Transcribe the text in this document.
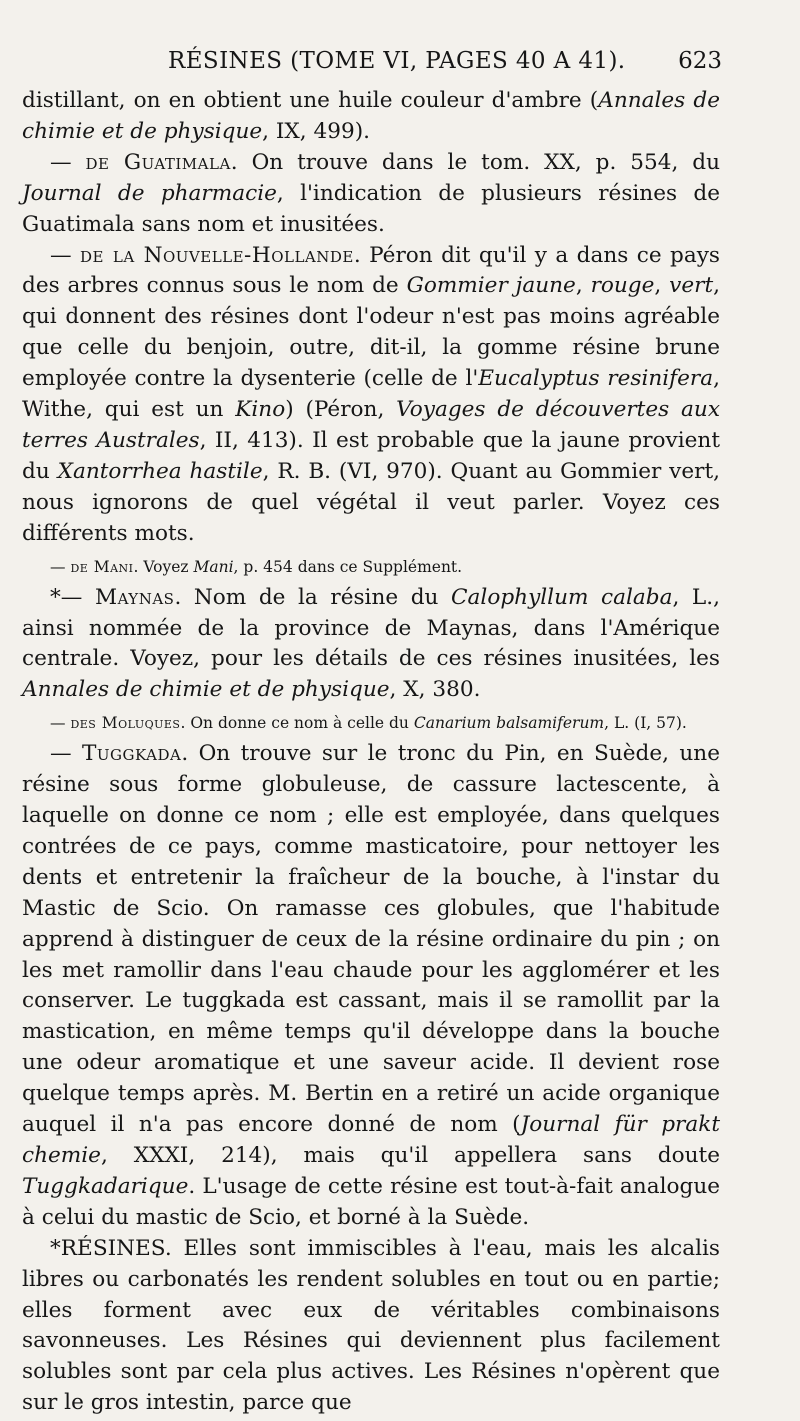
RÉSINES (TOME VI, PAGES 40 A 41). 623

distillant, on en obtient une huile couleur d'ambre (Annales de chimie et de physique, IX, 499).

— de Guatimala. On trouve dans le tom. XX, p. 554, du Journal de pharmacie, l'indication de plusieurs résines de Guatimala sans nom et inusitées.

— de la Nouvelle-Hollande. Péron dit qu'il y a dans ce pays des arbres connus sous le nom de Gommier jaune, rouge, vert, qui donnent des résines dont l'odeur n'est pas moins agréable que celle du benjoin, outre, dit-il, la gomme résine brune employée contre la dysenterie (celle de l'Eucalyptus resinifera, Withe, qui est un Kino) (Péron, Voyages de découvertes aux terres Australes, II, 413). Il est probable que la jaune provient du Xantorrhea hastile, R. B. (VI, 970). Quant au Gommier vert, nous ignorons de quel végétal il veut parler. Voyez ces différents mots.

— de Mani. Voyez Mani, p. 454 dans ce Supplément.

*— Maynas. Nom de la résine du Calophyllum calaba, L., ainsi nommée de la province de Maynas, dans l'Amérique centrale. Voyez, pour les détails de ces résines inusitées, les Annales de chimie et de physique, X, 380.

— des Moluques. On donne ce nom à celle du Canarium balsamiferum, L. (I, 57).

— Tuggkada. On trouve sur le tronc du Pin, en Suède, une résine sous forme globuleuse, de cassure lactescente, à laquelle on donne ce nom ; elle est employée, dans quelques contrées de ce pays, comme masticatoire, pour nettoyer les dents et entretenir la fraîcheur de la bouche, à l'instar du Mastic de Scio. On ramasse ces globules, que l'habitude apprend à distinguer de ceux de la résine ordinaire du pin ; on les met ramollir dans l'eau chaude pour les agglomérer et les conserver. Le tuggkada est cassant, mais il se ramollit par la mastication, en même temps qu'il développe dans la bouche une odeur aromatique et une saveur acide. Il devient rose quelque temps après. M. Bertin en a retiré un acide organique auquel il n'a pas encore donné de nom (Journal für prakt chemie, XXXI, 214), mais qu'il appellera sans doute Tuggkadarique. L'usage de cette résine est tout-à-fait analogue à celui du mastic de Scio, et borné à la Suède.

*RÉSINES. Elles sont immiscibles à l'eau, mais les alcalis libres ou carbonatés les rendent solubles en tout ou en partie; elles forment avec eux de véritables combinaisons savonneuses. Les Résines qui deviennent plus facilement solubles sont par cela plus actives. Les Résines n'opèrent que sur le gros intestin, parce que
